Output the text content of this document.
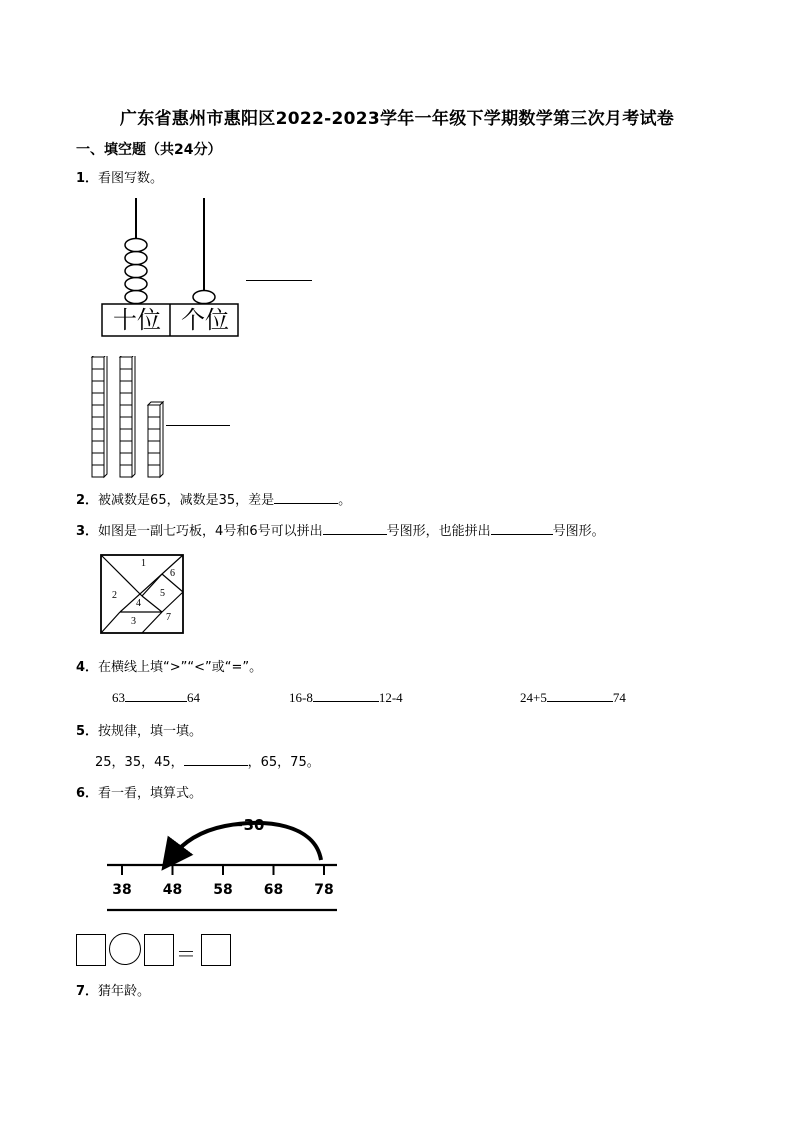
广东省惠州市惠阳区2022-2023学年一年级下学期数学第三次月考试卷
一、填空题（共24分）
1．看图写数。
十位 个位
2．被减数是65，减数是35，差是	。
3．如图是一副七巧板，4号和6号可以拼出	号图形，也能拼出	号图形。
1
2
3
4
5
6
7
4．在横线上填“>”“<”或“=”。
63	64	16-8	12-4	24+5	74
5．按规律，填一填。
25，35，45，	，65，75。
6．看一看，填算式。
38 48 58 68 78
−30
＝
7．猜年龄。
